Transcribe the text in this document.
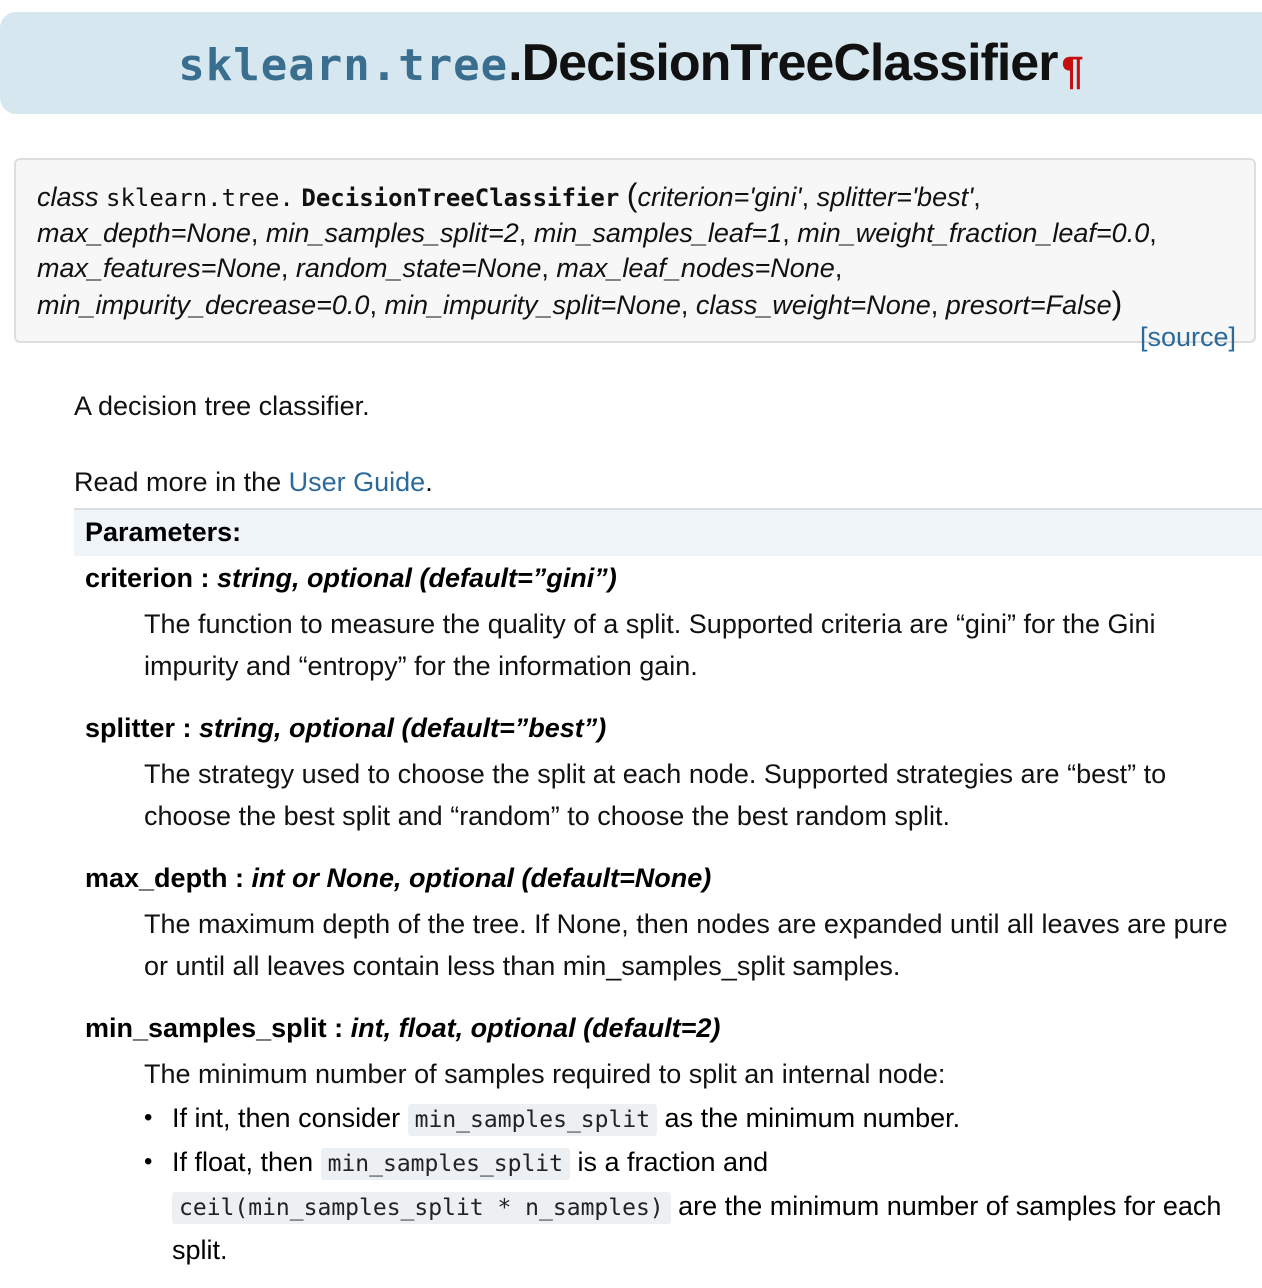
sklearn.tree.DecisionTreeClassifier ¶
class sklearn.tree. DecisionTreeClassifier (criterion='gini', splitter='best',
max_depth=None, min_samples_split=2, min_samples_leaf=1, min_weight_fraction_leaf=0.0,
max_features=None, random_state=None, max_leaf_nodes=None,
min_impurity_decrease=0.0, min_impurity_split=None, class_weight=None, presort=False)
[source]
A decision tree classifier.
Read more in the User Guide.
Parameters:
criterion : string, optional (default=”gini”)
The function to measure the quality of a split. Supported criteria are “gini” for the Gini impurity and “entropy” for the information gain.
splitter : string, optional (default=”best”)
The strategy used to choose the split at each node. Supported strategies are “best” to choose the best split and “random” to choose the best random split.
max_depth : int or None, optional (default=None)
The maximum depth of the tree. If None, then nodes are expanded until all leaves are pure or until all leaves contain less than min_samples_split samples.
min_samples_split : int, float, optional (default=2)
The minimum number of samples required to split an internal node:
• If int, then consider min_samples_split as the minimum number.
• If float, then min_samples_split is a fraction and
ceil(min_samples_split * n_samples) are the minimum number of samples for each split.
